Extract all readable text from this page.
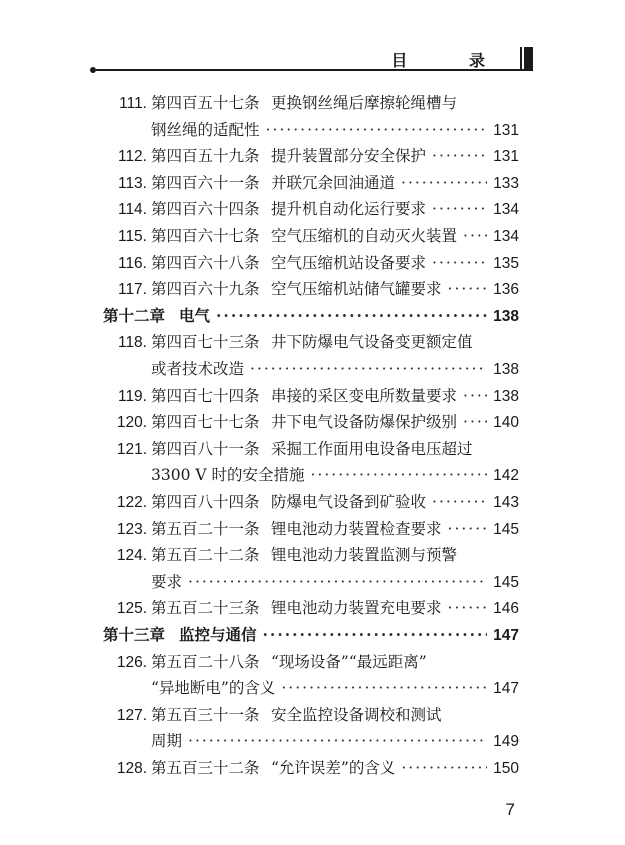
目 录
111. 第四百五十七条 更换钢丝绳后摩擦轮绳槽与
钢丝绳的适配性 ·····	131
112. 第四百五十九条 提升装置部分安全保护 ·····	131
113. 第四百六十一条 并联冗余回油通道 ·····	133
114. 第四百六十四条 提升机自动化运行要求 ·····	134
115. 第四百六十七条 空气压缩机的自动灭火装置 ····· 134
116. 第四百六十八条 空气压缩机站设备要求 ·····	135
117. 第四百六十九条 空气压缩机站储气罐要求 ·····	136
第十二章 电气 ·····	138
118. 第四百七十三条 井下防爆电气设备变更额定值
或者技术改造 ·····	138
119. 第四百七十四条 串接的采区变电所数量要求 ····· 138
120. 第四百七十七条 井下电气设备防爆保护级别 ····· 140
121. 第四百八十一条 采掘工作面用电设备电压超过
3300 V 时的安全措施 ·····	142
122. 第四百八十四条 防爆电气设备到矿验收 ·····	143
123. 第五百二十一条 锂电池动力装置检查要求 ·····	145
124. 第五百二十二条 锂电池动力装置监测与预警
要求 ·····	145
125. 第五百二十三条 锂电池动力装置充电要求 ·····	146
第十三章 监控与通信 ·····	147
126. 第五百二十八条 “现场设备”“最远距离”
“异地断电”的含义 ·····	147
127. 第五百三十一条 安全监控设备调校和测试
周期 ·····	149
128. 第五百三十二条 “允许误差”的含义 ·····	150
7
